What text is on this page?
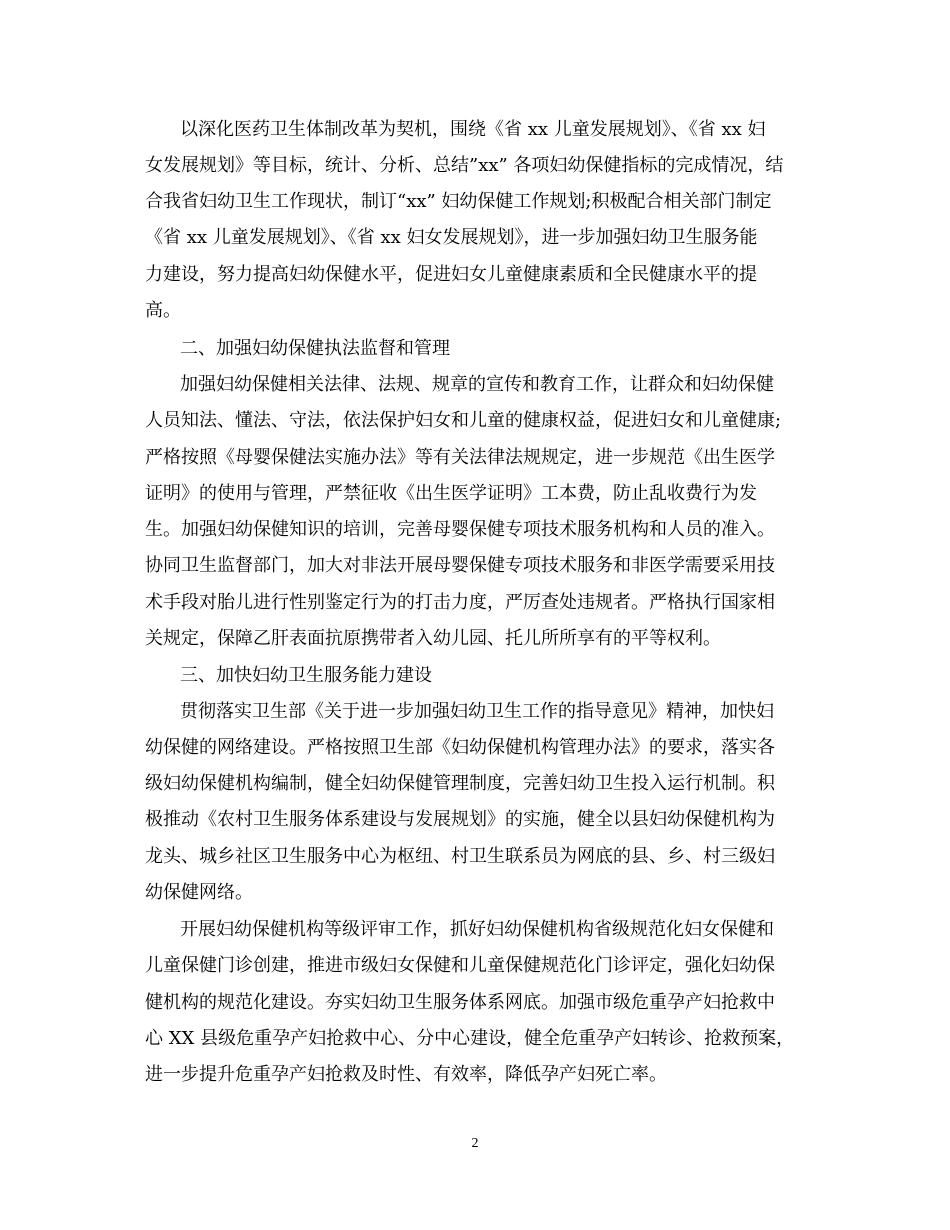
以深化医药卫生体制改革为契机，围绕《省 xx 儿童发展规划》、《省 xx 妇
女发展规划》等目标，统计、分析、总结”xx” 各项妇幼保健指标的完成情况，结
合我省妇幼卫生工作现状，制订“xx” 妇幼保健工作规划;积极配合相关部门制定
《省 xx 儿童发展规划》、《省 xx 妇女发展规划》，进一步加强妇幼卫生服务能
力建设，努力提高妇幼保健水平，促进妇女儿童健康素质和全民健康水平的提
高。
二、加强妇幼保健执法监督和管理
加强妇幼保健相关法律、法规、规章的宣传和教育工作，让群众和妇幼保健
人员知法、懂法、守法，依法保护妇女和儿童的健康权益，促进妇女和儿童健康;
严格按照《母婴保健法实施办法》等有关法律法规规定，进一步规范《出生医学
证明》的使用与管理，严禁征收《出生医学证明》工本费，防止乱收费行为发
生。加强妇幼保健知识的培训，完善母婴保健专项技术服务机构和人员的准入。
协同卫生监督部门，加大对非法开展母婴保健专项技术服务和非医学需要采用技
术手段对胎儿进行性别鉴定行为的打击力度，严厉查处违规者。严格执行国家相
关规定，保障乙肝表面抗原携带者入幼儿园、托儿所所享有的平等权利。
三、加快妇幼卫生服务能力建设
贯彻落实卫生部《关于进一步加强妇幼卫生工作的指导意见》精神，加快妇
幼保健的网络建设。严格按照卫生部《妇幼保健机构管理办法》的要求，落实各
级妇幼保健机构编制，健全妇幼保健管理制度，完善妇幼卫生投入运行机制。积
极推动《农村卫生服务体系建设与发展规划》的实施，健全以县妇幼保健机构为
龙头、城乡社区卫生服务中心为枢纽、村卫生联系员为网底的县、乡、村三级妇
幼保健网络。
开展妇幼保健机构等级评审工作，抓好妇幼保健机构省级规范化妇女保健和
儿童保健门诊创建，推进市级妇女保健和儿童保健规范化门诊评定，强化妇幼保
健机构的规范化建设。夯实妇幼卫生服务体系网底。加强市级危重孕产妇抢救中
心 XX 县级危重孕产妇抢救中心、分中心建设，健全危重孕产妇转诊、抢救预案，
进一步提升危重孕产妇抢救及时性、有效率，降低孕产妇死亡率。
2
